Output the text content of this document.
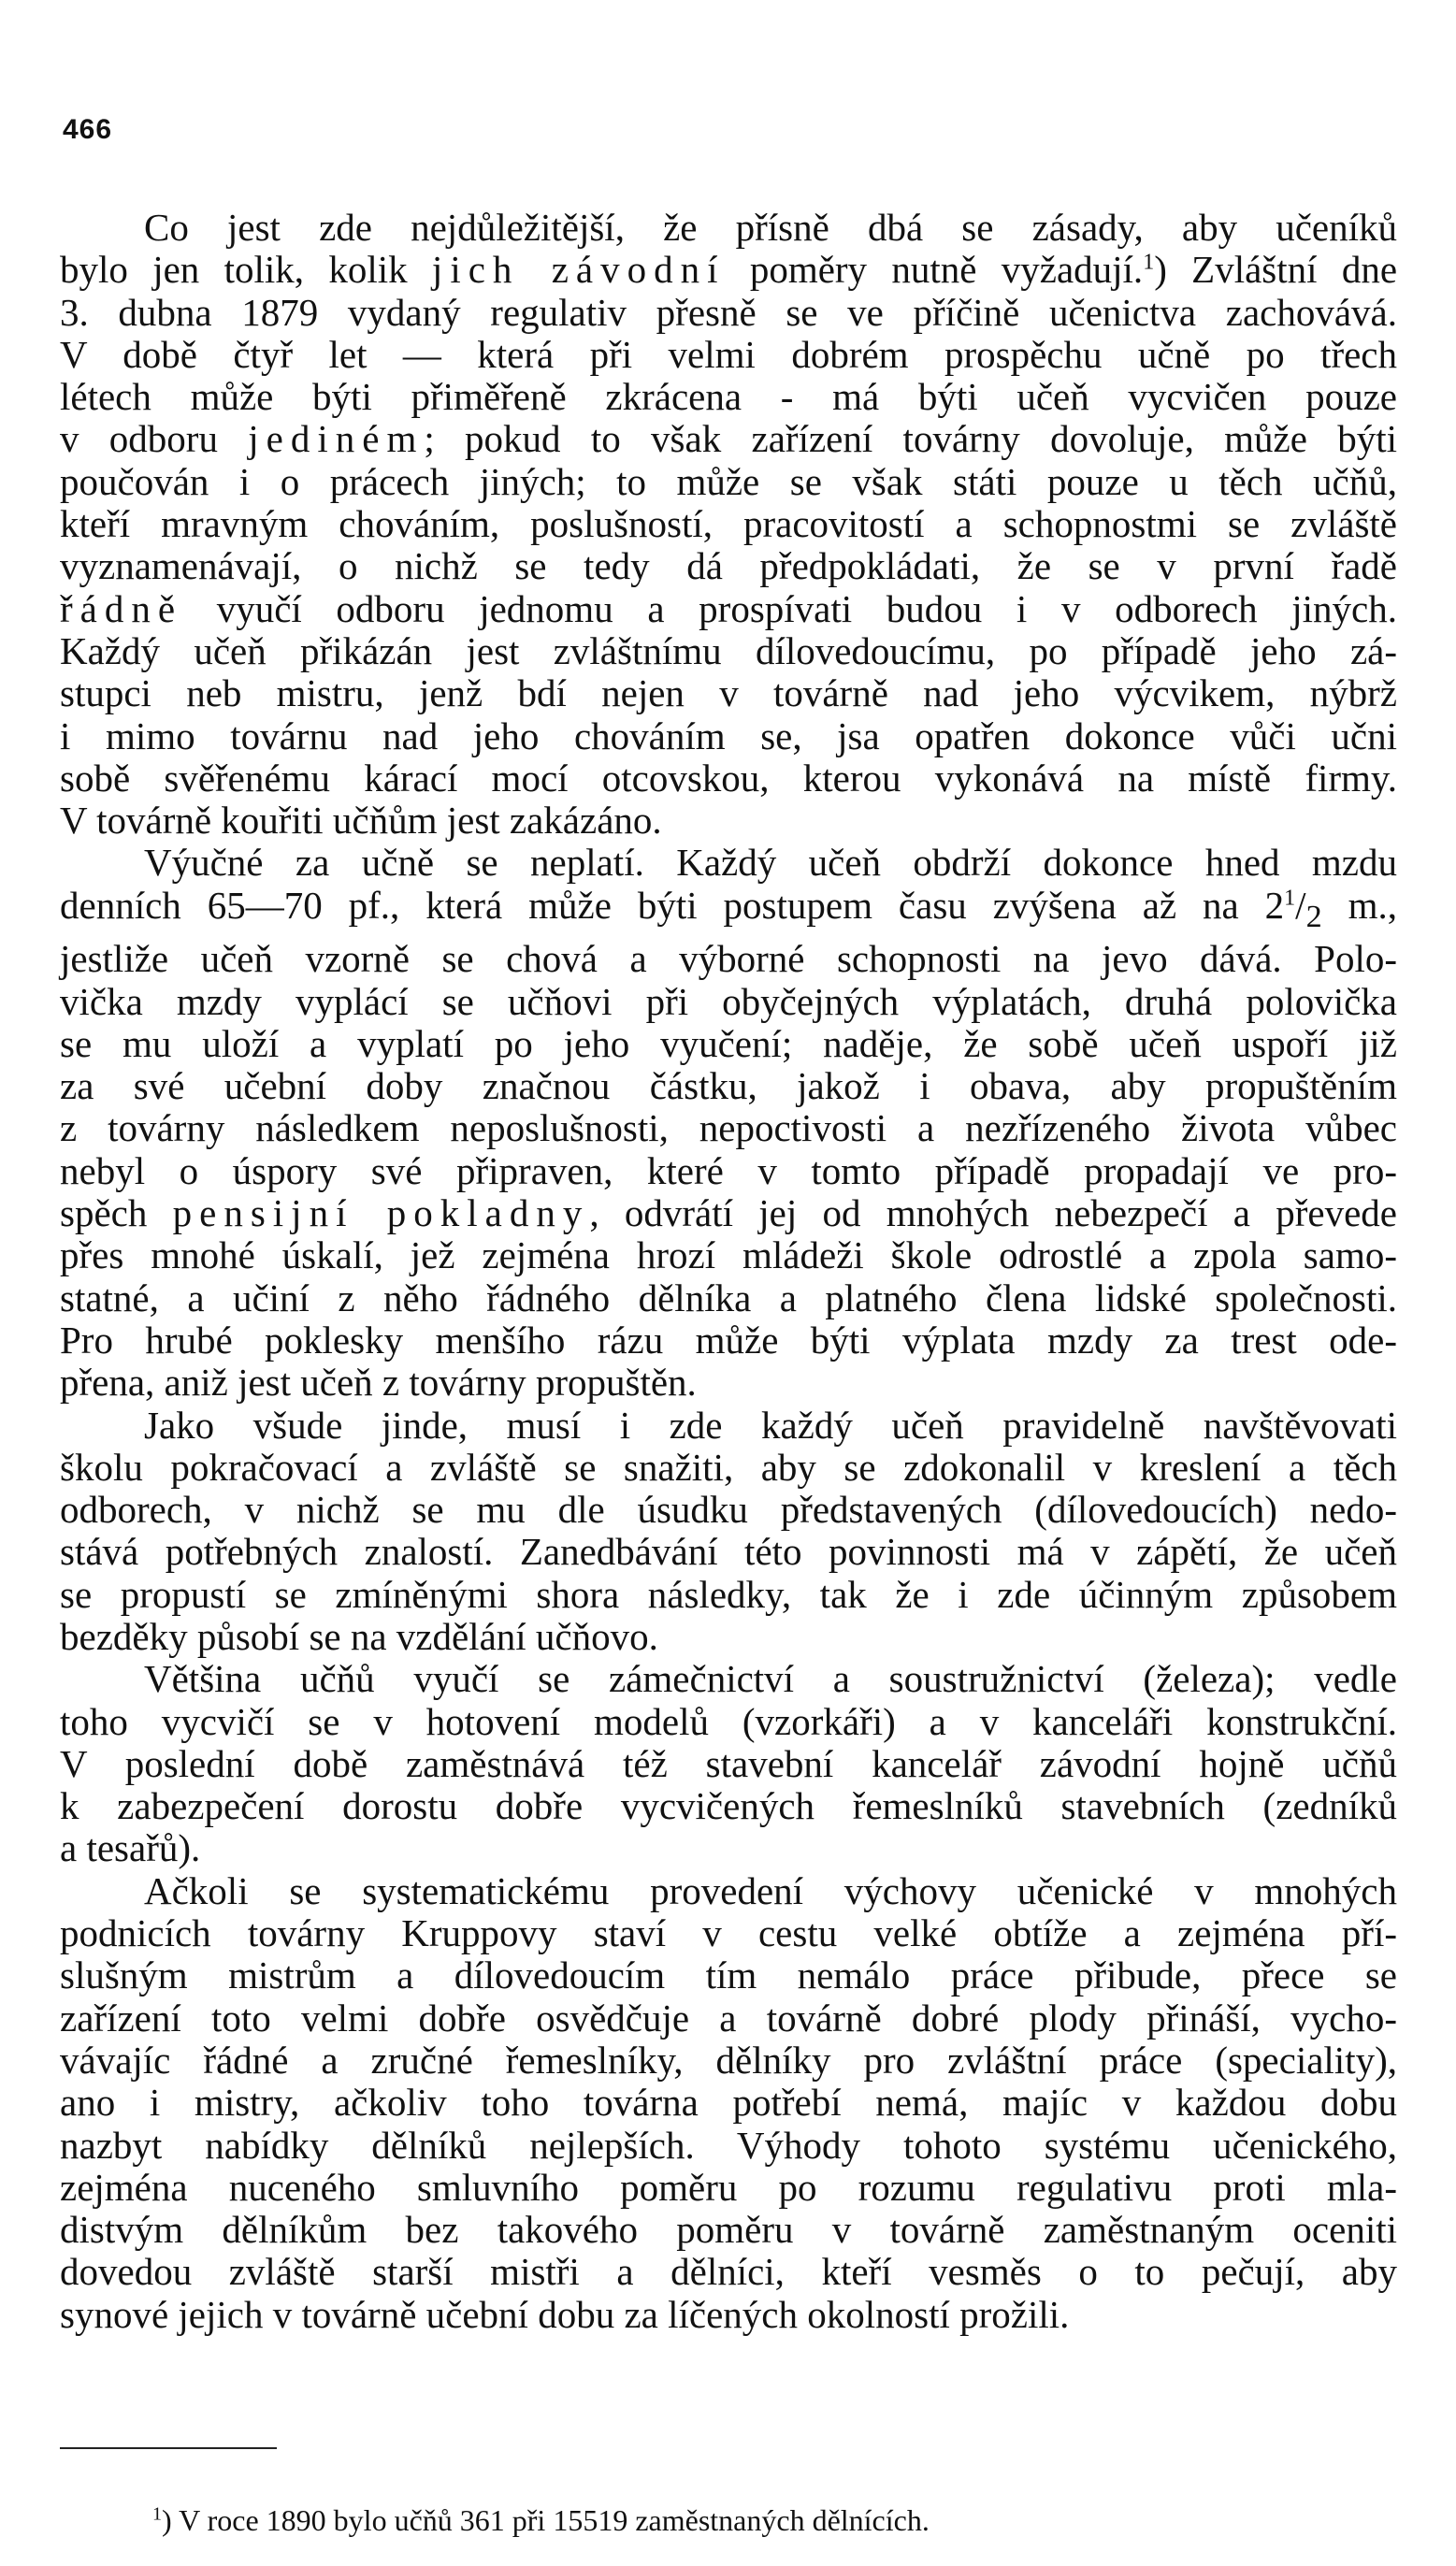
466
Co jest zde nejdůležitější, že přísně dbá se zásady, aby učeníků
bylo jen tolik, kolik jich závodní poměry nutně vyžadují.$^1$) Zvláštní dne
3. dubna 1879 vydaný regulativ přesně se ve příčině učenictva zachovává.
V době čtyř let — která při velmi dobrém prospěchu učně po třech
létech může býti přiměřeně zkrácena - má býti učeň vycvičen pouze
v odboru jediném; pokud to však zařízení továrny dovoluje, může býti
poučován i o prácech jiných; to může se však státi pouze u těch učňů,
kteří mravným chováním, poslušností, pracovitostí a schopnostmi se zvláště
vyznamenávají, o nichž se tedy dá předpokládati, že se v první řadě
řádně vyučí odboru jednomu a prospívati budou i v odborech jiných.
Každý učeň přikázán jest zvláštnímu dílovedoucímu, po případě jeho zá-
stupci neb mistru, jenž bdí nejen v továrně nad jeho výcvikem, nýbrž
i mimo továrnu nad jeho chováním se, jsa opatřen dokonce vůči učni
sobě svěřenému kárací mocí otcovskou, kterou vykonává na místě firmy.
V továrně kouřiti učňům jest zakázáno.
Výučné za učně se neplatí. Každý učeň obdrží dokonce hned mzdu
denních 65—70 pf., která může býti postupem času zvýšena až na $2^1/_2$ m.,
jestliže učeň vzorně se chová a výborné schopnosti na jevo dává. Polo-
vička mzdy vyplácí se učňovi při obyčejných výplatách, druhá polovička
se mu uloží a vyplatí po jeho vyučení; naděje, že sobě učeň uspoří již
za své učební doby značnou částku, jakož i obava, aby propuštěním
z továrny následkem neposlušnosti, nepoctivosti a nezřízeného života vůbec
nebyl o úspory své připraven, které v tomto případě propadají ve pro-
spěch pensijní pokladny, odvrátí jej od mnohých nebezpečí a převede
přes mnohé úskalí, jež zejména hrozí mládeži škole odrostlé a zpola samo-
statné, a učiní z něho řádného dělníka a platného člena lidské společnosti.
Pro hrubé poklesky menšího rázu může býti výplata mzdy za trest ode-
přena, aniž jest učeň z továrny propuštěn.
Jako všude jinde, musí i zde každý učeň pravidelně navštěvovati
školu pokračovací a zvláště se snažiti, aby se zdokonalil v kreslení a těch
odborech, v nichž se mu dle úsudku představených (dílovedoucích) nedo-
stává potřebných znalostí. Zanedbávání této povinnosti má v zápětí, že učeň
se propustí se zmíněnými shora následky, tak že i zde účinným způsobem
bezděky působí se na vzdělání učňovo.
Většina učňů vyučí se zámečnictví a soustružnictví (železa); vedle
toho vycvičí se v hotovení modelů (vzorkáři) a v kanceláři konstrukční.
V poslední době zaměstnává též stavební kancelář závodní hojně učňů
k zabezpečení dorostu dobře vycvičených řemeslníků stavebních (zedníků
a tesařů).
Ačkoli se systematickému provedení výchovy učenické v mnohých
podnicích továrny Kruppovy staví v cestu velké obtíže a zejména pří-
slušným mistrům a dílovedoucím tím nemálo práce přibude, přece se
zařízení toto velmi dobře osvědčuje a továrně dobré plody přináší, vycho-
vávajíc řádné a zručné řemeslníky, dělníky pro zvláštní práce (speciality),
ano i mistry, ačkoliv toho továrna potřebí nemá, majíc v každou dobu
nazbyt nabídky dělníků nejlepších. Výhody tohoto systému učenického,
zejména nuceného smluvního poměru po rozumu regulativu proti mla-
distvým dělníkům bez takového poměru v továrně zaměstnaným oceniti
dovedou zvláště starší mistři a dělníci, kteří vesměs o to pečují, aby
synové jejich v továrně učební dobu za líčených okolností prožili.
$^1$) V roce 1890 bylo učňů 361 při 15519 zaměstnaných dělnících.
